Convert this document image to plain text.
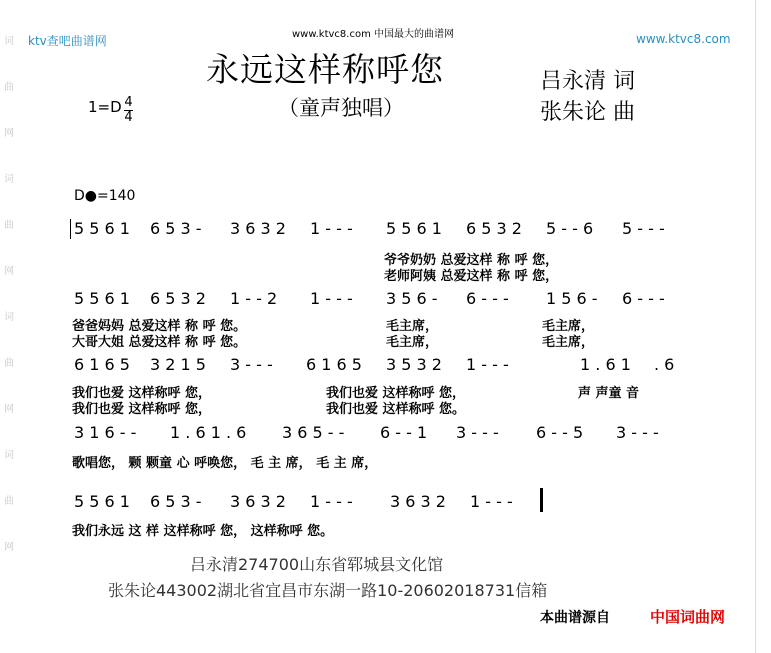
词
曲
网
词
曲
网
词
曲
网
词
曲
网
ktv查吧曲谱网	www.ktvc8.com
www.ktvc8.com 中国最大的曲谱网
永远这样称呼您
（童声独唱）
吕永清 词
张朱论 曲
1=D 4
4
D●=140
5 5 6 1 6 5 3 - 3 6 3 2 1 - - - 5 5 6 1 6 5 3 2 5 - - 6 5 - - -
爷爷奶奶 总爱这样 称 呼 您，
老师阿姨 总爱这样 称 呼 您，
5 5 6 1 6 5 3 2 1 - - 2 1 - - - 3 5 6 - 6 - - - 1 5 6 - 6 - - -
爸爸妈妈 总爱这样 称 呼 您。
大哥大姐 总爱这样 称 呼 您。
毛主席，
毛主席，
毛主席，
毛主席，
6 1 6 5 3 2 1 5 3 - - - 6 1 6 5 3 5 3 2 1 - - -	1 . 6 1 . 6
我们也爱 这样称呼 您，
我们也爱 这样称呼 您，
我们也爱 这样称呼 您，
我们也爱 这样称呼 您。
声 声童 音
3 1 6 - - 1 . 6 1 . 6 3 6 5 - - 6 - - 1 3 - - - 6 - - 5 3 - - -
歌唱您， 颗 颗童 心 呼唤您， 毛 主 席， 毛 主 席，
5 5 6 1 6 5 3 - 3 6 3 2 1 - - - 3 6 3 2 1 - - -
我们永远 这 样 这样称呼 您， 这样称呼 您。
吕永清274700山东省郓城县文化馆
张朱论443002湖北省宜昌市东湖一路10-20602018731信箱
本曲谱源自	中国词曲网
